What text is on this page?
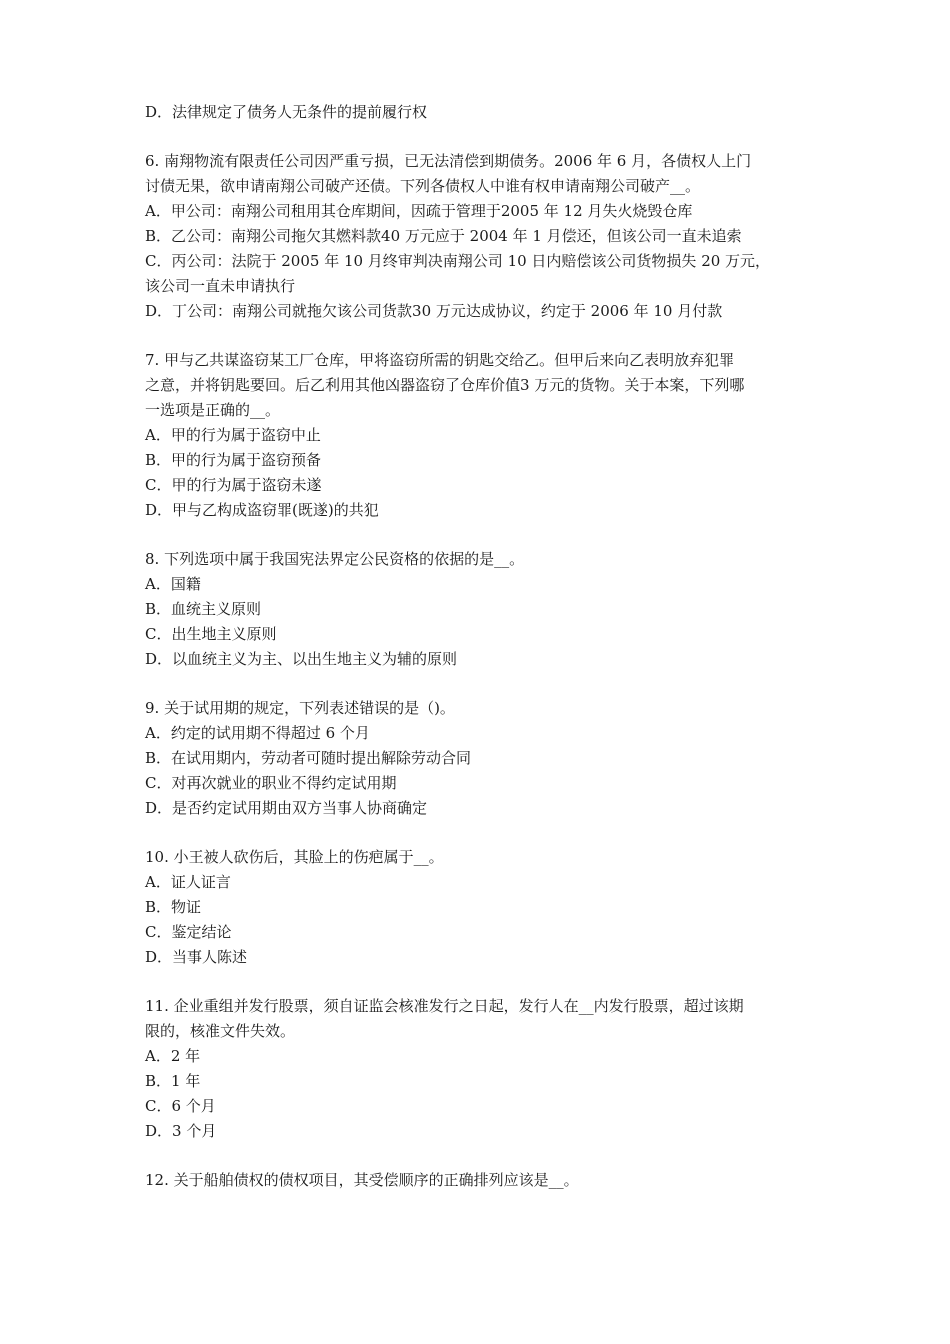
D．法律规定了债务人无条件的提前履行权
6. 南翔物流有限责任公司因严重亏损，已无法清偿到期债务。2006 年 6 月，各债权人上门
讨债无果，欲申请南翔公司破产还债。下列各债权人中谁有权申请南翔公司破产__。
A．甲公司：南翔公司租用其仓库期间，因疏于管理于2005 年 12 月失火烧毁仓库
B．乙公司：南翔公司拖欠其燃料款40 万元应于 2004 年 1 月偿还，但该公司一直未追索
C．丙公司：法院于 2005 年 10 月终审判决南翔公司 10 日内赔偿该公司货物损失 20 万元，
该公司一直未申请执行
D．丁公司：南翔公司就拖欠该公司货款30 万元达成协议，约定于 2006 年 10 月付款
7. 甲与乙共谋盗窃某工厂仓库，甲将盗窃所需的钥匙交给乙。但甲后来向乙表明放弃犯罪
之意，并将钥匙要回。后乙利用其他凶器盗窃了仓库价值3 万元的货物。关于本案，下列哪
一选项是正确的__。
A．甲的行为属于盗窃中止
B．甲的行为属于盗窃预备
C．甲的行为属于盗窃未遂
D．甲与乙构成盗窃罪(既遂)的共犯
8. 下列选项中属于我国宪法界定公民资格的依据的是__。
A．国籍
B．血统主义原则
C．出生地主义原则
D．以血统主义为主、以出生地主义为辅的原则
9. 关于试用期的规定，下列表述错误的是（)。
A．约定的试用期不得超过 6 个月
B．在试用期内，劳动者可随时提出解除劳动合同
C．对再次就业的职业不得约定试用期
D．是否约定试用期由双方当事人协商确定
10. 小王被人砍伤后，其脸上的伤疤属于__。
A．证人证言
B．物证
C．鉴定结论
D．当事人陈述
11. 企业重组并发行股票，须自证监会核准发行之日起，发行人在__内发行股票，超过该期
限的，核准文件失效。
A．2 年
B．1 年
C．6 个月
D．3 个月
12. 关于船舶债权的债权项目，其受偿顺序的正确排列应该是__。
